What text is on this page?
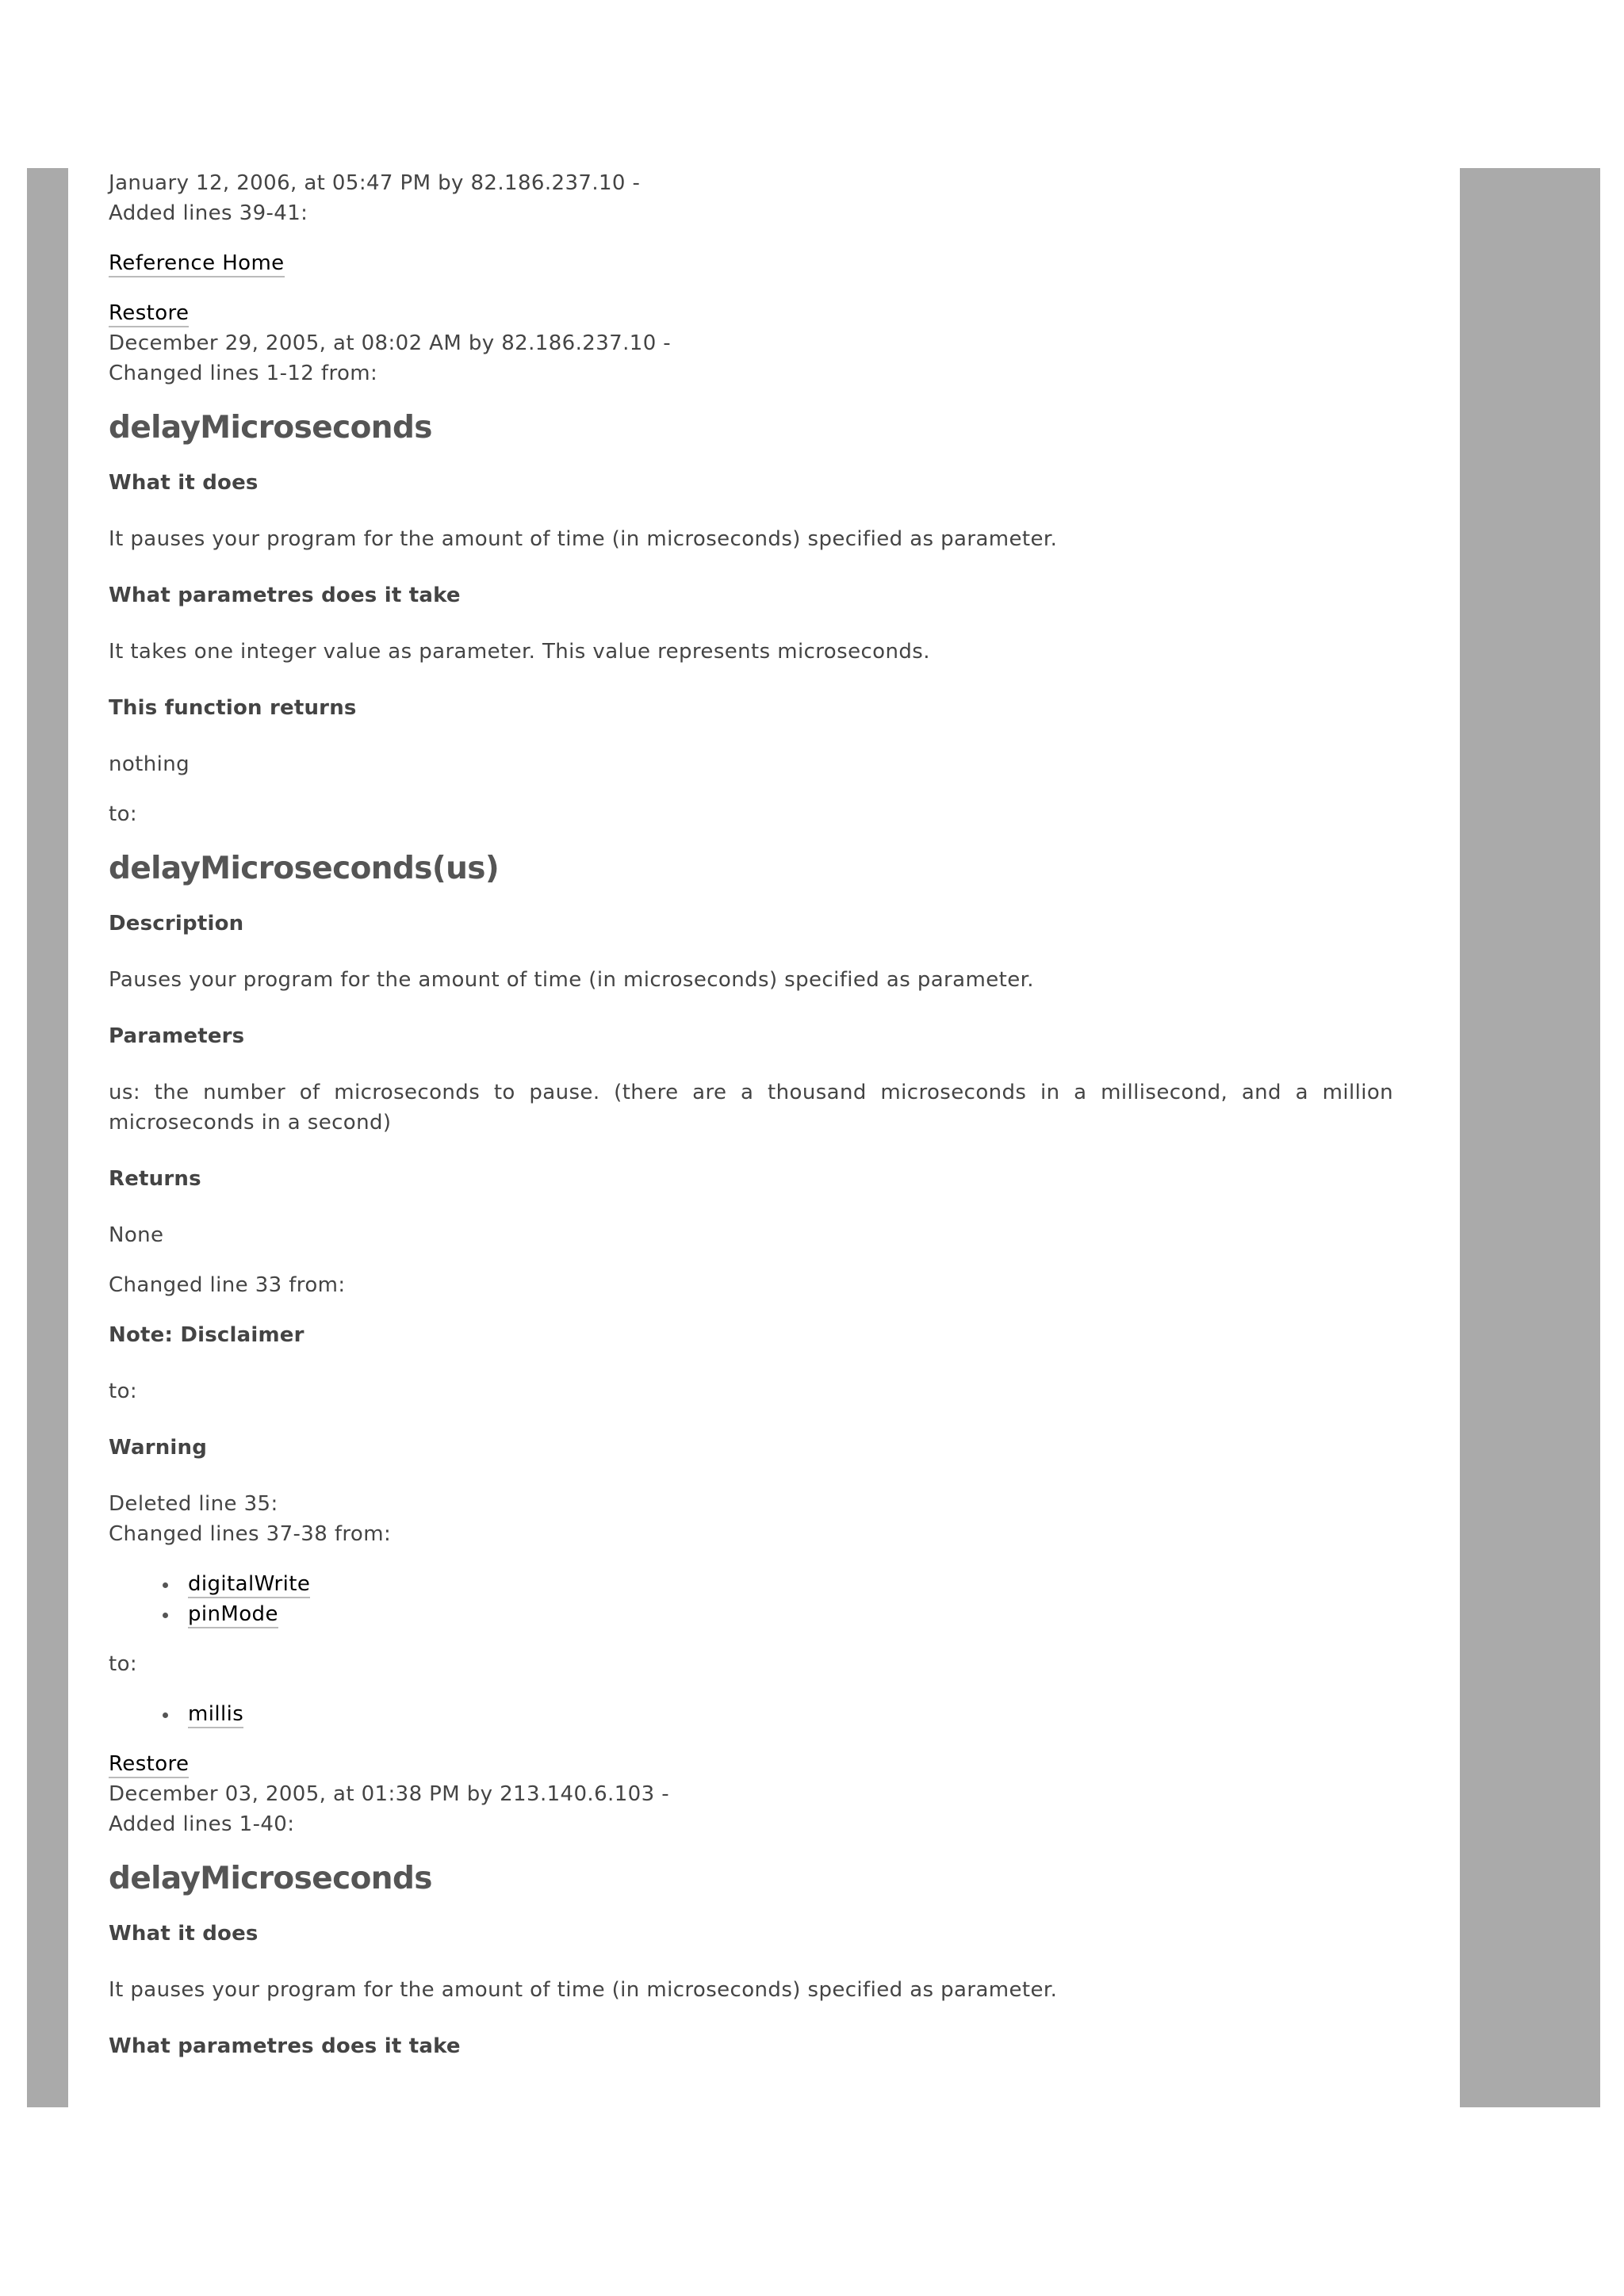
January 12, 2006, at 05:47 PM by 82.186.237.10 -

Added lines 39-41:

Reference Home

Restore

December 29, 2005, at 08:02 AM by 82.186.237.10 -

Changed lines 1-12 from:

delayMicroseconds
What it does

It pauses your program for the amount of time (in microseconds) specified as parameter.

What parametres does it take

It takes one integer value as parameter. This value represents microseconds.

This function returns

nothing

to:

delayMicroseconds(us)
Description

Pauses your program for the amount of time (in microseconds) specified as parameter.

Parameters

us: the number of microseconds to pause. (there are a thousand microseconds in a millisecond, and a million microseconds in a second)

Returns

None

Changed line 33 from:

Note: Disclaimer

to:

Warning

Deleted line 35:

Changed lines 37-38 from:

digitalWrite
pinMode

to:

millis

Restore

December 03, 2005, at 01:38 PM by 213.140.6.103 -

Added lines 1-40:

delayMicroseconds
What it does

It pauses your program for the amount of time (in microseconds) specified as parameter.

What parametres does it take
